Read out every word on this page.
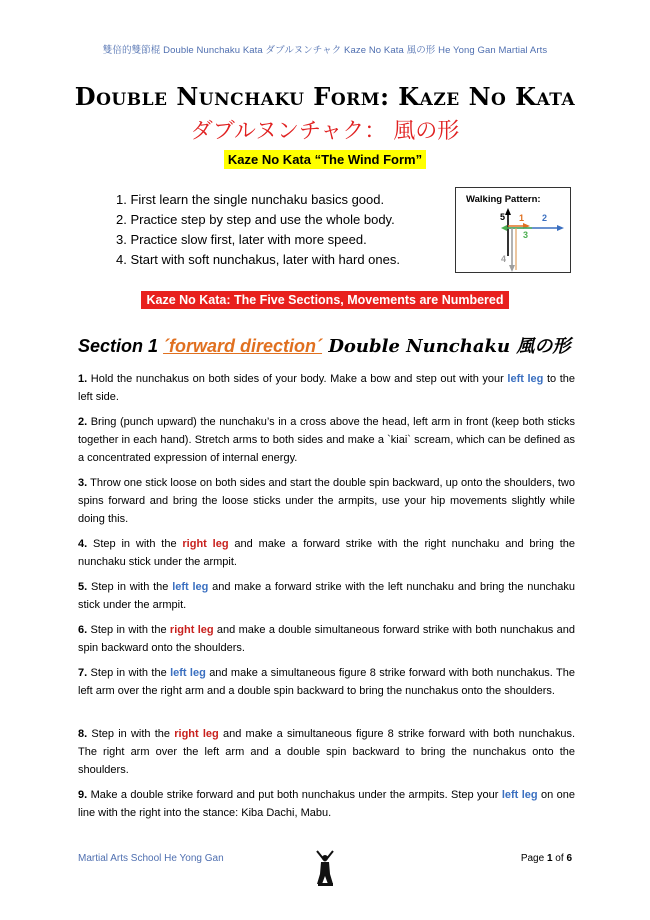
雙倍的雙節棍 Double Nunchaku Kata ダブルヌンチャク Kaze No Kata 風の形 He Yong Gan Martial Arts
Double Nunchaku Form: Kaze No Kata
ダブルヌンチャク： 風の形
Kaze No Kata “The Wind Form”
1. First learn the single nunchaku basics good.
2. Practice step by step and use the whole body.
3. Practice slow first, later with more speed.
4. Start with soft nunchakus, later with hard ones.
Walking Pattern:
5 1 2
3
4
Kaze No Kata: The Five Sections, Movements are Numbered
Section 1 ´forward direction´ Double Nunchaku 風の形
1. Hold the nunchakus on both sides of your body. Make a bow and step out with your left leg to the left side.
2. Bring (punch upward) the nunchaku’s in a cross above the head, left arm in front (keep both sticks together in each hand). Stretch arms to both sides and make a `kiai` scream, which can be defined as a concentrated expression of internal energy.
3. Throw one stick loose on both sides and start the double spin backward, up onto the shoulders, two spins forward and bring the loose sticks under the armpits, use your hip movements slightly while doing this.
4. Step in with the right leg and make a forward strike with the right nunchaku and bring the nunchaku stick under the armpit.
5. Step in with the left leg and make a forward strike with the left nunchaku and bring the nunchaku stick under the armpit.
6. Step in with the right leg and make a double simultaneous forward strike with both nunchakus and spin backward onto the shoulders.
7. Step in with the left leg and make a simultaneous figure 8 strike forward with both nunchakus. The left arm over the right arm and a double spin backward to bring the nunchakus onto the shoulders.
8. Step in with the right leg and make a simultaneous figure 8 strike forward with both nunchakus. The right arm over the left arm and a double spin backward to bring the nunchakus onto the shoulders.
9. Make a double strike forward and put both nunchakus under the armpits. Step your left leg on one line with the right into the stance: Kiba Dachi, Mabu.
Martial Arts School He Yong Gan	Page 1 of 6
